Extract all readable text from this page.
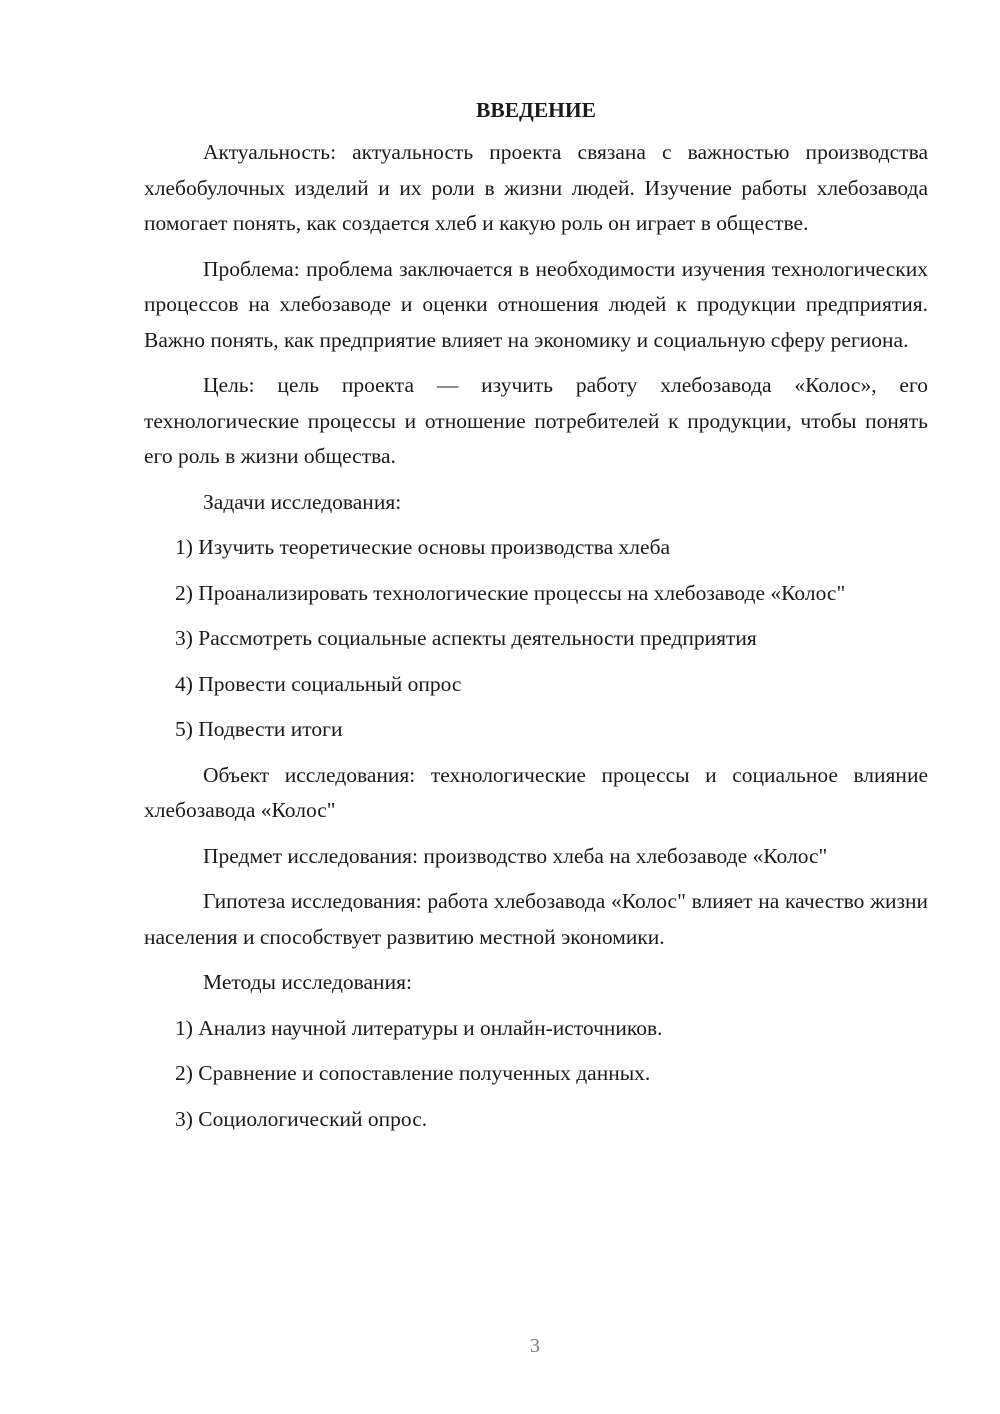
ВВЕДЕНИЕ

Актуальность: актуальность проекта связана с важностью производства хлебобулочных изделий и их роли в жизни людей. Изучение работы хлебозавода помогает понять, как создается хлеб и какую роль он играет в обществе.

Проблема: проблема заключается в необходимости изучения технологических процессов на хлебозаводе и оценки отношения людей к продукции предприятия. Важно понять, как предприятие влияет на экономику и социальную сферу региона.

Цель: цель проекта — изучить работу хлебозавода «Колос», его технологические процессы и отношение потребителей к продукции, чтобы понять его роль в жизни общества.

Задачи исследования:

1) Изучить теоретические основы производства хлеба

2) Проанализировать технологические процессы на хлебозаводе «Колос"

3) Рассмотреть социальные аспекты деятельности предприятия

4) Провести социальный опрос

5) Подвести итоги

Объект исследования: технологические процессы и социальное влияние хлебозавода «Колос"

Предмет исследования: производство хлеба на хлебозаводе «Колос"

Гипотеза исследования: работа хлебозавода «Колос" влияет на качество жизни населения и способствует развитию местной экономики.

Методы исследования:

1) Анализ научной литературы и онлайн-источников.

2) Сравнение и сопоставление полученных данных.

3) Социологический опрос.

3
